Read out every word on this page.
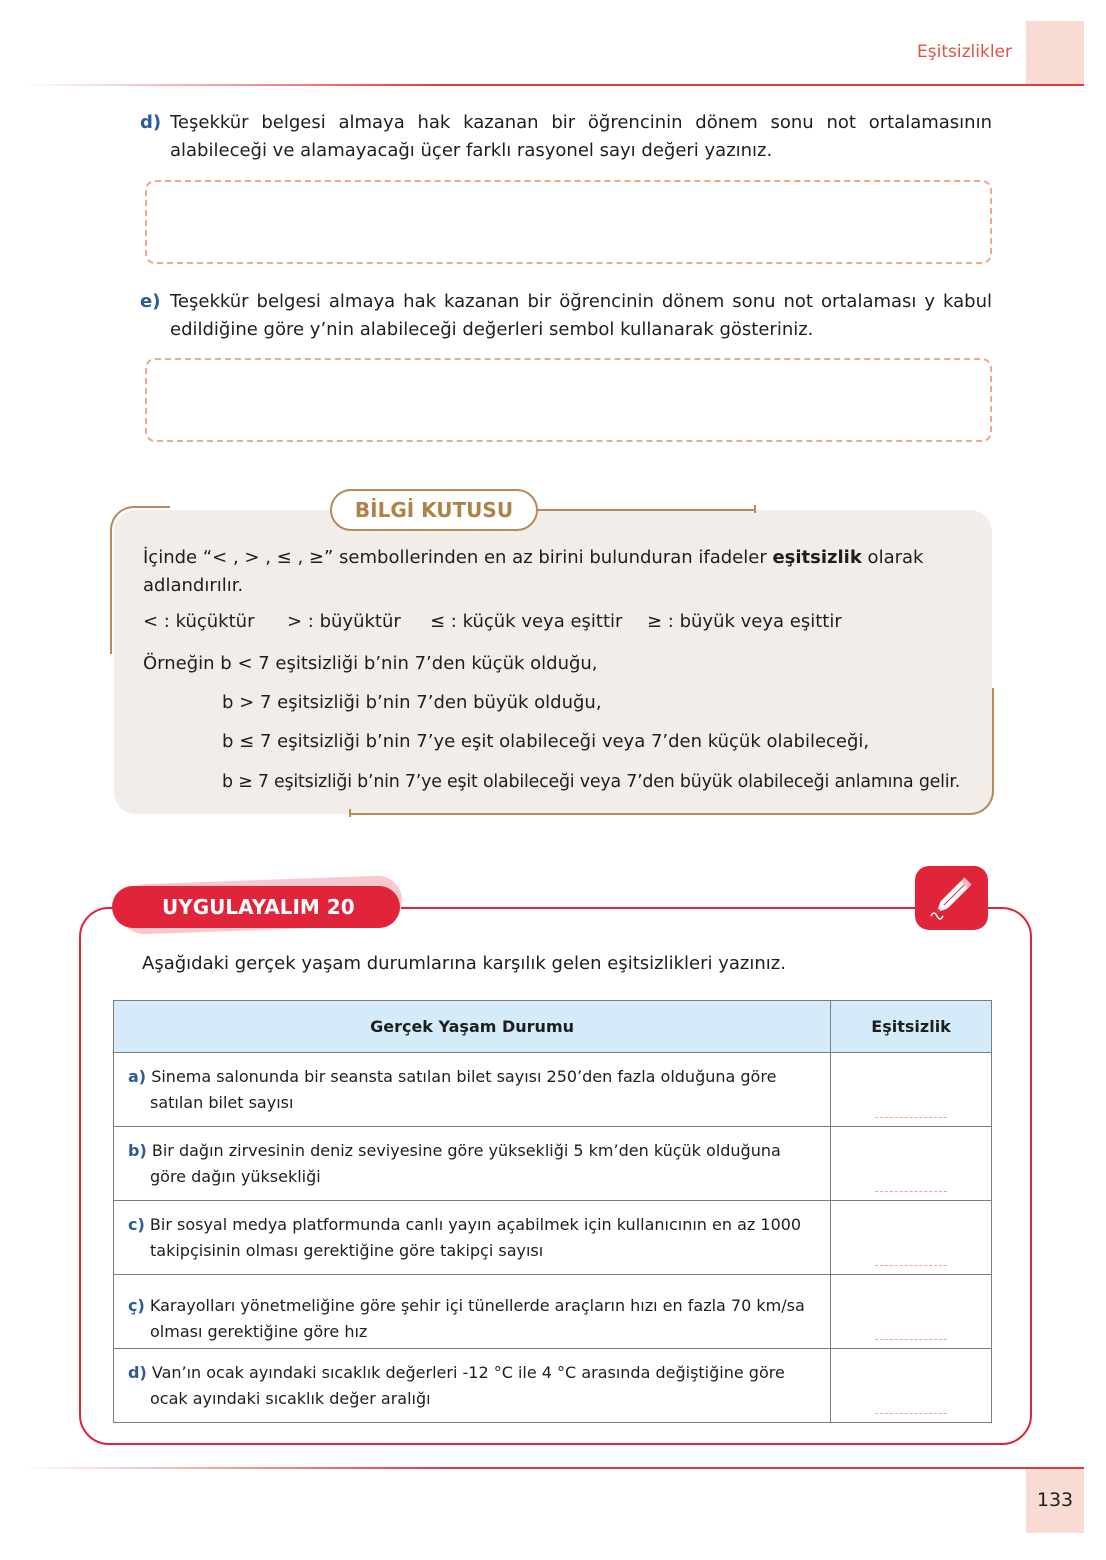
Eşitsizlikler
d) Teşekkür belgesi almaya hak kazanan bir öğrencinin dönem sonu not ortalamasının alabileceği ve alamayacağı üçer farklı rasyonel sayı değeri yazınız.
e) Teşekkür belgesi almaya hak kazanan bir öğrencinin dönem sonu not ortalaması y kabul edildiğine göre y’nin alabileceği değerleri sembol kullanarak gösteriniz.
BİLGİ KUTUSU
İçinde “< , > , ≤ , ≥” sembollerinden en az birini bulunduran ifadeler eşitsizlik olarak adlandırılır.
< : küçüktür > : büyüktür ≤ : küçük veya eşittir ≥ : büyük veya eşittir
Örneğin b < 7 eşitsizliği b’nin 7’den küçük olduğu,
b > 7 eşitsizliği b’nin 7’den büyük olduğu,
b ≤ 7 eşitsizliği b’nin 7’ye eşit olabileceği veya 7’den küçük olabileceği,
b ≥ 7 eşitsizliği b’nin 7’ye eşit olabileceği veya 7’den büyük olabileceği anlamına gelir.
UYGULAYALIM 20
Aşağıdaki gerçek yaşam durumlarına karşılık gelen eşitsizlikleri yazınız.
Gerçek Yaşam Durumu	Eşitsizlik

a) Sinema salonunda bir seansta satılan bilet sayısı 250’den fazla olduğuna göre satılan bilet sayısı	

b) Bir dağın zirvesinin deniz seviyesine göre yüksekliği 5 km’den küçük olduğuna göre dağın yüksekliği	

c) Bir sosyal medya platformunda canlı yayın açabilmek için kullanıcının en az 1000 takipçisinin olması gerektiğine göre takipçi sayısı	

ç) Karayolları yönetmeliğine göre şehir içi tünellerde araçların hızı en fazla 70 km/sa olması gerektiğine göre hız	

d) Van’ın ocak ayındaki sıcaklık değerleri -12 °C ile 4 °C arasında değiştiğine göre ocak ayındaki sıcaklık değer aralığı	

133
